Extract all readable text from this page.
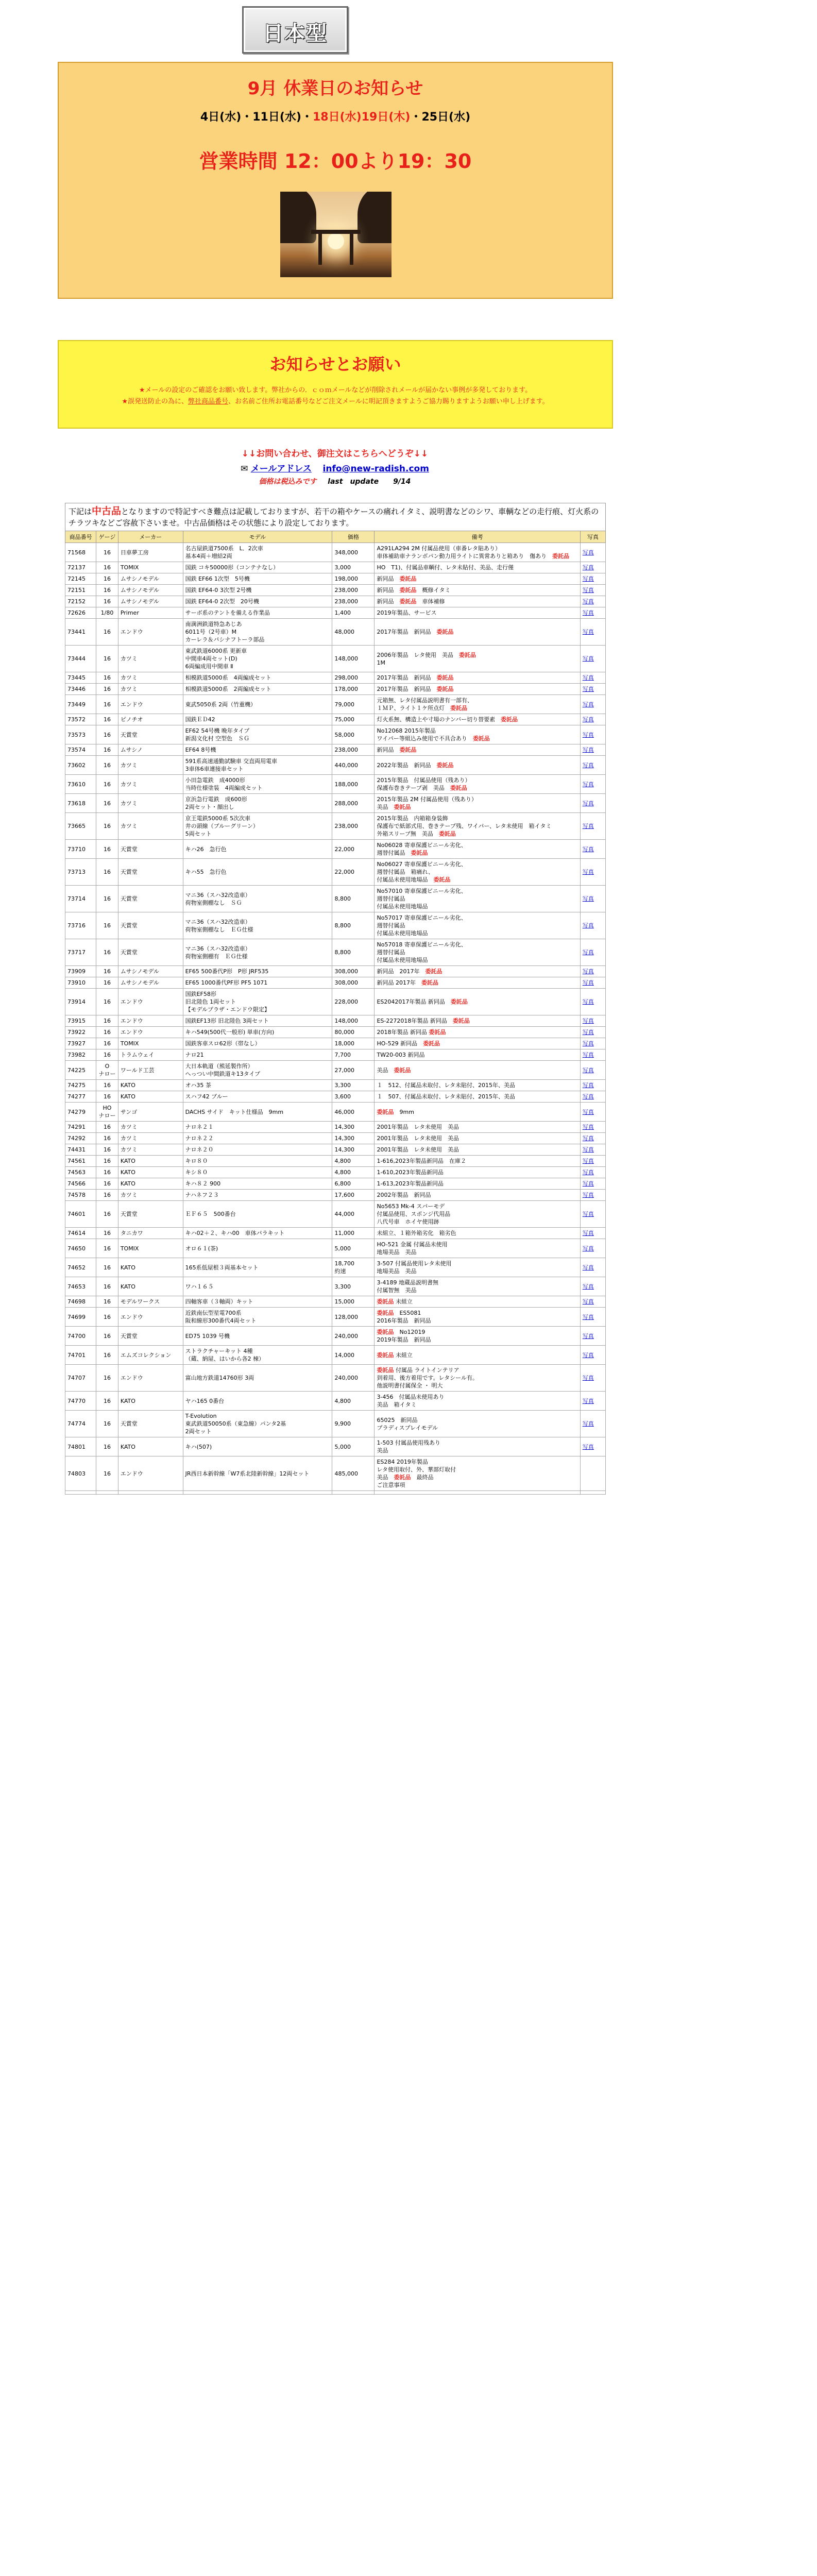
日本型
9月 休業日のお知らせ
4日(水)・11日(水)・18日(水)19日(木)・25日(水)
営業時間 12：00より19：30
お知らせとお願い
★メールの設定のご確認をお願い致します。弊社からの．ｃｏｍメールなどが削除されメールが届かない事例が多発しております。
★誤発送防止の為に、弊社商品番号、お名前ご住所お電話番号などご注文メールに明記頂きますようご協力賜りますようお願い申し上げます。
↓↓お問い合わせ、御注文はこちらへどうぞ↓↓
✉ メールアドレス info@new-radish.com
価格は税込みです last　update　　9/14
下記は中古品となりますので特記すべき難点は記載しておりますが、若干の箱やケースの痛れイタミ、説明書などのシワ、車輌などの走行痕、灯火系のチラツキなどご容赦下さいませ。中古品価格はその状態により設定しております。
商品番号	ゲージ	メーカー	モデル	価格	備考	写真
71568	16	日車夢工房	名古屋鉄道7500系　L．2次車
基本4両＋増結2両	348,000	A291LA294 2M 付属品使用（車番レタ貼あり）
車体補助車ナランボパン動力用ライトに異常ありと箱あり　傷あり　委託品	写真
72137	16	TOMIX	国鉄 コキ50000形（コンテナなし）	3,000	HO　T1)、付属品車輌付、レタ未貼付、美品、走行僅	写真
72145	16	ムサシノモデル	国鉄 EF66 1次型　5号機	198,000	新同品　委託品	写真
72151	16	ムサシノモデル	国鉄 EF64-0 3次型 2号機	238,000	新同品　委託品　概修イタミ	写真
72152	16	ムサシノモデル	国鉄 EF64-0 2次型　20号機	238,000	新同品　委託品　車体補修　	写真
72626	1/80	Primer	サーボ系のテントを備える作業品	1,400	2019年製品、サービス	写真
73441	16	エンドウ	南満洲鉄道特急あじあ
6011号（2号車）M
カーレラ＆パシナフトーラ部品	48,000	2017年製品　新同品　委託品	写真
73444	16	カツミ	東武鉄道6000系 更新車
中間車4両セット(D)
6両編成用中間車 Ⅱ	148,000	2006年製品　レタ使用　美品　委託品
1M	写真
73445	16	カツミ	相模鉄道5000系　4両編成セット	298,000	2017年製品　新同品　委託品	写真
73446	16	カツミ	相模鉄道5000系　2両編成セット	178,000	2017年製品　新同品　委託品	写真
73449	16	エンドウ	東武5050系 2両（竹重機）	79,000	元箱無、レタ付属品説明書有一部有、
１ＭＰ、ライト１ケ所点灯　委託品	写真
73572	16	ピノチオ	国鉄ＥＤ42	75,000	灯火系無、構造上や寸場のナンバー切り替要素　委託品	写真
73573	16	天賞堂	EF62 54号機 晩年タイプ
新潟文化村 空型色　ＳＧ	58,000	No12068 2015年製品
ワイパー等組込み使用で不具合あり　委託品	写真
73574	16	ムサシノ	EF64 8号機	238,000	新同品　委託品	写真
73602	16	カツミ	591系高速通勤試験車 交直両用電車
3車体6車連接車セット	440,000	2022年製品　新同品　委託品	写真
73610	16	カツミ	小田急電鉄　成4000形
当時仕様塗装　4両編成セット	188,000	2015年製品　付属品使用（残あり）
保護布巻きテープ剥　美品　委託品	写真
73618	16	カツミ	京浜急行電鉄　成600形
2両セット・顔出し	288,000	2015年製品 2M 付属品使用（残あり）
美品　委託品	写真
73665	16	カツミ	京王電鉄5000系 5次次車
井の頭線（ブルーグリーン）
5両セット	238,000	2015年製品　内箱箱身装飾
保護布で紙部式用、巻きテープ残、ワイパー、レタ未使用　箱イタミ
外箱スリーブ無　美品　委託品	写真
73710	16	天賞堂	キハ26　急行色	22,000	No06028 寄車保護ビニール劣化、
週替付属品　委託品	写真
73713	16	天賞堂	キハ55　急行色	22,000	No06027 寄車保護ビニール劣化、
週替付属品　箱痛れ、
付属品未使用地場品　委託品	写真
73714	16	天賞堂	マニ36（スハ32改造車）
荷物室側棚なし　ＳＧ	8,800	No57010 寄車保護ビニール劣化、
週替付属品
付属品未使用地場品	写真
73716	16	天賞堂	マニ36（スハ32改造車）
荷物室側棚なし　ＥＧ仕様	8,800	No57017 寄車保護ビニール劣化、
週替付属品
付属品未使用地場品	写真
73717	16	天賞堂	マニ36（スハ32改造車）
荷物室側棚有　ＥＧ仕様	8,800	No57018 寄車保護ビニール劣化、
週替付属品
付属品未使用地場品	写真
73909	16	ムサシノモデル	EF65 500番代P形　P形 JRF535	308,000	新同品　2017年　委託品	写真
73910	16	ムサシノモデル	EF65 1000番代PF形 PF5 1071	308,000	新同品 2017年　委託品	写真
73914	16	エンドウ	国鉄EF58形
旧北陸色 1両セット
【モデルプラザ・エンドウ限定】	228,000	ES2042017年製品 新同品　委託品	写真
73915	16	エンドウ	国鉄EF13形 旧北陸色 3両セット	148,000	ES-2272018年製品 新同品　委託品	写真
73922	16	エンドウ	キハ549(500代一般形) 単車(方向)	80,000	2018年製品 新同品 委託品	写真
73927	16	TOMIX	国鉄客車スロ62形（帯なし）	18,000	HO-529 新同品　委託品	写真
73982	16	トラムウェイ	ナロ21	7,700	TW20-003 新同品	写真
74225	O
ナロー	ワールド工芸	大日本軌道（熊延製作所）
へっつい中間鉄道キ13タイプ	27,000	美品　委託品	写真
74275	16	KATO	オハ35 茶	3,300	１　512、付属品未取付、レタ未貼付、2015年、美品	写真
74277	16	KATO	スハフ42 ブルー	3,600	１　507、付属品未取付、レタ未貼付、2015年、美品	写真
74279	HO
ナロー	サンゴ	DACHS サイド　キット仕様品　9mm	46,000	委託品　9mm	写真
74291	16	カツミ	ナロネ２１	14,300	2001年製品　レタ未使用　美品	写真
74292	16	カツミ	ナロネ２２	14,300	2001年製品　レタ未使用　美品	写真
74431	16	カツミ	ナロネ２０	14,300	2001年製品　レタ未使用　美品	写真
74561	16	KATO	キロ８０	4,800	1-616,2023年製品新同品　在庫２	写真
74563	16	KATO	キシ８０	4,800	1-610,2023年製品新同品	写真
74566	16	KATO	キハ８２ 900	6,800	1-613,2023年製品新同品	写真
74578	16	カツミ	ナハネフ２３	17,600	2002年製品　新同品	写真
74601	16	天賞堂	ＥＦ６５　500番台	44,000	No5653 Mk-4 スパーモデ
付属品使用、スポンジ代用品
八代号車　ホイヤ使用跡	写真
74614	16	タニカワ	キハ02＋２、キハ00　車体パラキット	11,000	未組立、１箱外箱劣化　箱劣色	写真
74650	16	TOMIX	オロ６１(茶)	5,000	HO-521 金属 付属品未使用
地場美品　美品	写真
74652	16	KATO	165系低屋根３両基本セット	18,700
約速	3-507 付属品使用レタ未使用
地場美品　美品	写真
74653	16	KATO	ワハ１６５	3,300	3-4189 地蔵品説明書無
付属智無　美品	写真
74698	16	モデルワークス	四軸客車（３軸両）キット	15,000	委託品 未組立	写真
74699	16	エンドウ	近鉄南伝型星電700系
阪和線形300番代4両セット	128,000	委託品　ES5081
2016年製品　新同品	写真
74700	16	天賞堂	ED75 1039 号機	240,000	委託品　No12019
2019年製品　新同品	写真
74701	16	エムズコレクション	ストラクチャーキット 4種
（蔵、納屋、はいから各2 棟）	14,000	委託品 未組立	写真
74707	16	エンドウ	富山地方鉄道14760形 3両	240,000	委託品 付属品 ライトインテリア
到着用、後方着用です。レタシール有。
他説明書付属保全 ・ 明大	写真
74770	16	KATO	ヤハ165 0番台	4,800	3-456　付属品未使用あり
美品　箱イタミ	写真
74774	16	天賞堂	T-Evolution
東武鉄道50050系（東急線）パンタ2基
2両セット	9,900	65025　新同品
ブラディスプレイモデル	写真
74801	16	KATO	キハ(507)	5,000	1-503 付属品使用残あり
美品	写真
74803	16	エンドウ	JR西日本新幹線「W7系北陸新幹線」12両セット	485,000	ES284 2019年製品
レタ使用取付、外、華部灯取付
美品　委託品　最終品
ご注意事項	
